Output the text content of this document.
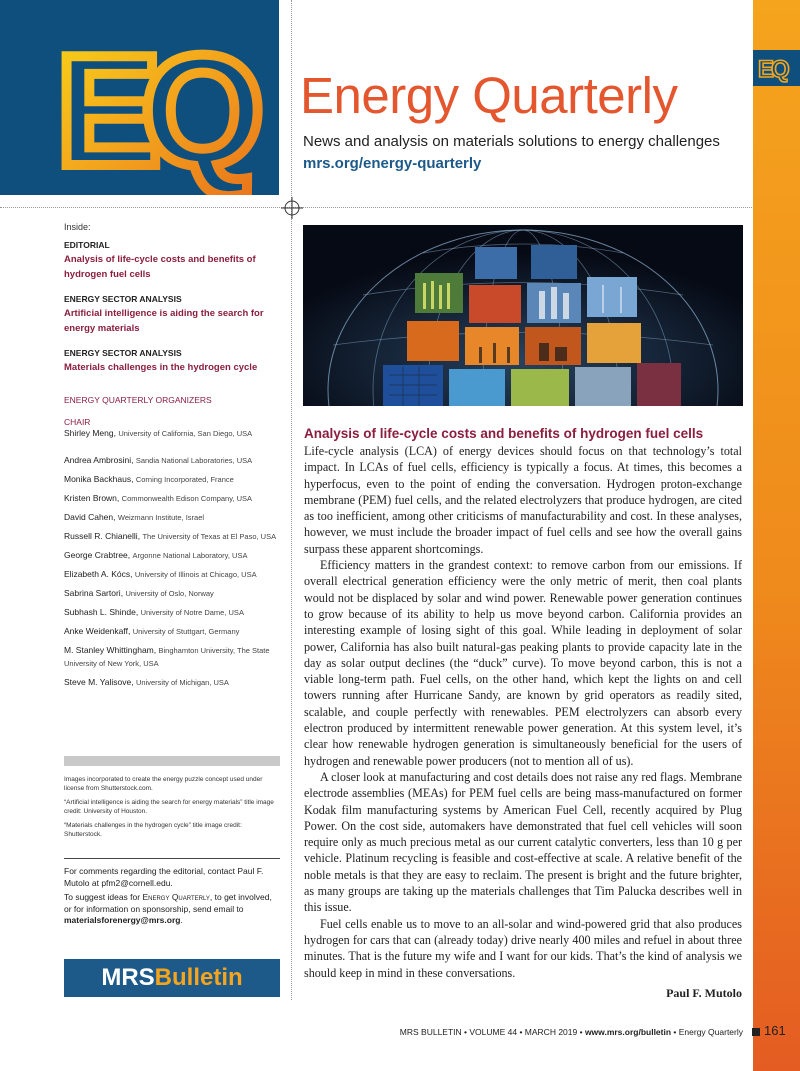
EQ	EQ
Energy Quarterly
News and analysis on materials solutions to energy challenges
mrs.org/energy-quarterly
Inside:
EDITORIAL
Analysis of life-cycle costs and benefits of hydrogen fuel cells
ENERGY SECTOR ANALYSIS
Artificial intelligence is aiding the search for energy materials
ENERGY SECTOR ANALYSIS
Materials challenges in the hydrogen cycle
ENERGY QUARTERLY ORGANIZERS
CHAIR
Shirley Meng, University of California, San Diego, USA
Andrea Ambrosini, Sandia National Laboratories, USA
Monika Backhaus, Corning Incorporated, France
Kristen Brown, Commonwealth Edison Company, USA
David Cahen, Weizmann Institute, Israel
Russell R. Chianelli, The University of Texas at El Paso, USA
George Crabtree, Argonne National Laboratory, USA
Elizabeth A. Kócs, University of Illinois at Chicago, USA
Sabrina Sartori, University of Oslo, Norway
Subhash L. Shinde, University of Notre Dame, USA
Anke Weidenkaff, University of Stuttgart, Germany
M. Stanley Whittingham, Binghamton University, The State University of New York, USA
Steve M. Yalisove, University of Michigan, USA

Images incorporated to create the energy puzzle concept used under license from Shutterstock.com.

“Artificial intelligence is aiding the search for energy materials” title image credit: University of Houston.

“Materials challenges in the hydrogen cycle” title image credit: Shutterstock.

For comments regarding the editorial, contact Paul F. Mutolo at pfm2@cornell.edu.

To suggest ideas for Energy Quarterly, to get involved, or for information on sponsorship, send email to materialsforenergy@mrs.org.

MRSBulletin
Analysis of life-cycle costs and benefits of hydrogen fuel cells

Life-cycle analysis (LCA) of energy devices should focus on that technology’s total impact. In LCAs of fuel cells, efficiency is typically a focus. At times, this becomes a hyperfocus, even to the point of ending the conversation. Hydrogen proton-exchange membrane (PEM) fuel cells, and the related electrolyzers that produce hydrogen, are cited as too inefficient, among other criticisms of manufacturability and cost. In these analyses, however, we must include the broader impact of fuel cells and see how the overall gains surpass these apparent shortcomings.

Efficiency matters in the grandest context: to remove carbon from our emissions. If overall electrical generation efficiency were the only metric of merit, then coal plants would not be displaced by solar and wind power. Renewable power generation continues to grow because of its ability to help us move beyond carbon. California provides an interesting example of losing sight of this goal. While leading in deployment of solar power, California has also built natural-gas peaking plants to provide capacity late in the day as solar output declines (the “duck” curve). To move beyond carbon, this is not a viable long-term path. Fuel cells, on the other hand, which kept the lights on and cell towers running after Hurricane Sandy, are known by grid operators as readily sited, scalable, and couple perfectly with renewables. PEM electrolyzers can absorb every electron produced by intermittent renewable power generation. At this system level, it’s clear how renewable hydrogen generation is simultaneously beneficial for the users of hydrogen and renewable power producers (not to mention all of us).

A closer look at manufacturing and cost details does not raise any red flags. Membrane electrode assemblies (MEAs) for PEM fuel cells are being mass-manufactured on former Kodak film manufacturing systems by American Fuel Cell, recently acquired by Plug Power. On the cost side, automakers have demonstrated that fuel cell vehicles will soon require only as much precious metal as our current catalytic converters, less than 10 g per vehicle. Platinum recycling is feasible and cost-effective at scale. A relative benefit of the noble metals is that they are easy to reclaim. The present is bright and the future brighter, as many groups are taking up the materials challenges that Tim Palucka describes well in this issue.

Fuel cells enable us to move to an all-solar and wind-powered grid that also produces hydrogen for cars that can (already today) drive nearly 400 miles and refuel in about three minutes. That is the future my wife and I want for our kids. That’s the kind of analysis we should keep in mind in these conversations.

Paul F. Mutolo
MRS BULLETIN • VOLUME 44 • MARCH 2019 • www.mrs.org/bulletin • Energy Quarterly	161
